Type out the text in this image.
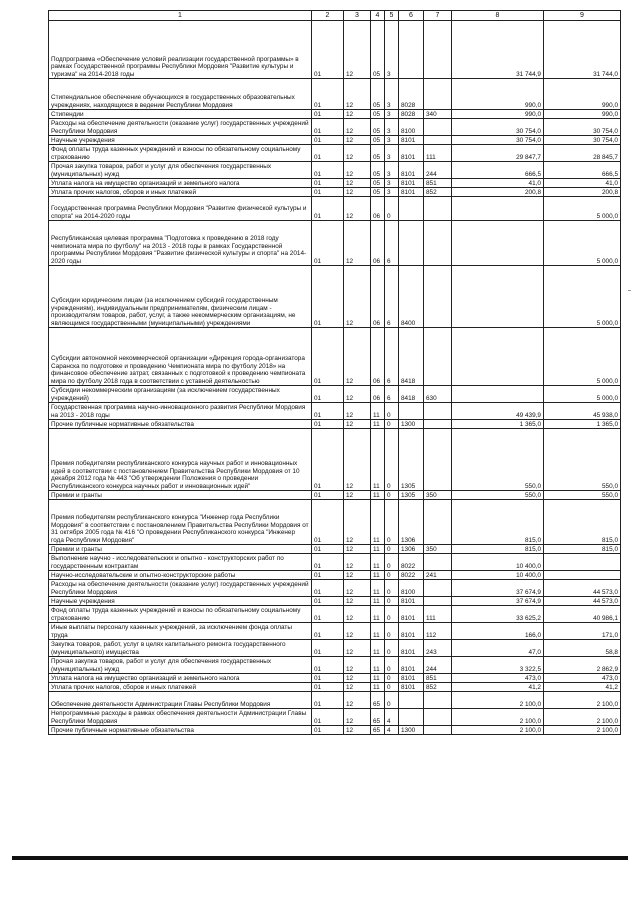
1	2	3	4	5	6	7	8	9
Подпрограмма «Обеспечение условий реализации государственной программы» в рамках Государственной программы Республики Мордовия "Развитие культуры и туризма" на 2014-2018 годы	01	12	05	3			31 744,9	31 744,0
Стипендиальное обеспечение обучающихся в государственных образовательных учреждениях, находящихся в ведении Республики Мордовия	01	12	05	3	8028		990,0	990,0
Стипендии	01	12	05	3	8028	340	990,0	990,0
Расходы на обеспечение деятельности (оказание услуг) государственных учреждений Республики Мордовия	01	12	05	3	8100		30 754,0	30 754,0
Научные учреждения	01	12	05	3	8101		30 754,0	30 754,0
Фонд оплаты труда казенных учреждений и взносы по обязательному социальному страхованию	01	12	05	3	8101	111	29 847,7	28 845,7
Прочая закупка товаров, работ и услуг для обеспечения государственных (муниципальных) нужд	01	12	05	3	8101	244	666,5	666,5
Уплата налога на имущество организаций и земельного налога	01	12	05	3	8101	851	41,0	41,0
Уплата прочих налогов, сборов и иных платежей	01	12	05	3	8101	852	200,8	200,8
Государственная программа Республики Мордовия "Развитие физической культуры и спорта" на 2014-2020 годы	01	12	06	0				5 000,0
Республиканская целевая программа "Подготовка к проведению в 2018 году чемпионата мира по футболу" на 2013 - 2018 годы в рамках Государственной программы Республики Мордовия "Развитие физической культуры и спорта" на 2014-2020 годы	01	12	06	6				5 000,0
Субсидии юридическим лицам (за исключением субсидий государственным учреждениям), индивидуальным предпринимателям, физическим лицам - производителям товаров, работ, услуг, а также некоммерческим организациям, не являющимся государственными (муниципальными) учреждениями	01	12	06	6	8400			5 000,0
Субсидии автономной некоммерческой организации «Дирекция города-организатора Саранска по подготовке и проведению Чемпионата мира по футболу 2018» на финансовое обеспечение затрат, связанных с подготовкой к проведению чемпионата мира по футболу 2018 года в соответствии с уставной деятельностью	01	12	06	6	8418			5 000,0
Субсидии некоммерческим организациям (за исключением государственных учреждений)	01	12	06	6	8418	630		5 000,0
Государственная программа научно-инновационного развития Республики Мордовия на 2013 - 2018 годы	01	12	11	0			49 439,9	45 938,0
Прочие публичные нормативные обязательства	01	12	11	0	1300		1 365,0	1 365,0
Премия победителям республиканского конкурса научных работ и инновационных идей в соответствии с постановлением Правительства Республики Мордовия от 10 декабря 2012 года № 443 "Об утверждении Положения о проведении Республиканского конкурса научных работ и инновационных идей"	01	12	11	0	1305		550,0	550,0
Премии и гранты	01	12	11	0	1305	350	550,0	550,0
Премия победителям республиканского конкурса "Инженер года Республики Мордовия" в соответствии с постановлением Правительства Республики Мордовия от 31 октября 2005 года № 416 "О проведении Республиканского конкурса "Инженер года Республики Мордовия"	01	12	11	0	1306		815,0	815,0
Премии и гранты	01	12	11	0	1306	350	815,0	815,0
Выполнение научно - исследовательских и опытно - конструкторских работ по государственным контрактам	01	12	11	0	8022		10 400,0	
Научно-исследовательские и опытно-конструкторские работы	01	12	11	0	8022	241	10 400,0	
Расходы на обеспечение деятельности (оказание услуг) государственных учреждений Республики Мордовия	01	12	11	0	8100		37 674,9	44 573,0
Научные учреждения	01	12	11	0	8101		37 674,9	44 573,0
Фонд оплаты труда казенных учреждений и взносы по обязательному социальному страхованию	01	12	11	0	8101	111	33 625,2	40 986,1
Иные выплаты персоналу казенных учреждений, за исключением фонда оплаты труда	01	12	11	0	8101	112	166,0	171,0
Закупка товаров, работ, услуг в целях капитального ремонта государственного (муниципального) имущества	01	12	11	0	8101	243	47,0	58,8
Прочая закупка товаров, работ и услуг для обеспечения государственных (муниципальных) нужд	01	12	11	0	8101	244	3 322,5	2 862,9
Уплата налога на имущество организаций и земельного налога	01	12	11	0	8101	851	473,0	473,0
Уплата прочих налогов, сборов и иных платежей	01	12	11	0	8101	852	41,2	41,2
Обеспечение деятельности Администрации Главы Республики Мордовия	01	12	65	0			2 100,0	2 100,0
Непрограммные расходы в рамках обеспечения деятельности Администрации Главы Республики Мордовия	01	12	65	4			2 100,0	2 100,0
Прочие публичные нормативные обязательства	01	12	65	4	1300		2 100,0	2 100,0
